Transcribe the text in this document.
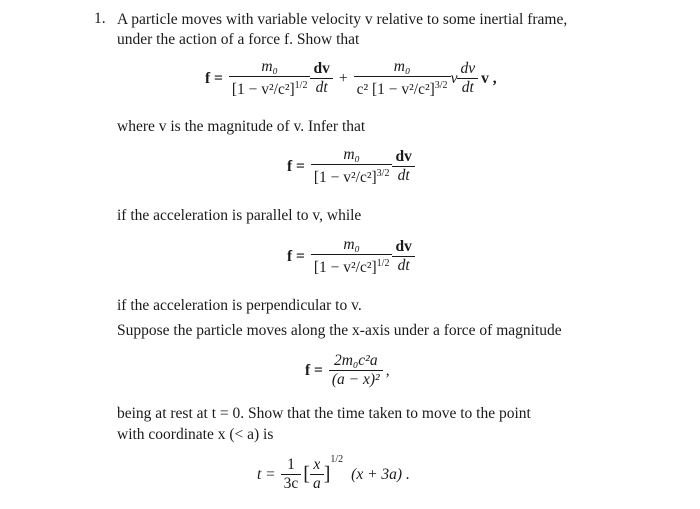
1. A particle moves with variable velocity v relative to some inertial frame,
under the action of a force f. Show that
$f = \frac{\text{m₀}}{[1 - v^2/c^2]^{1/2}} \frac{dv}{dt} + \frac{\text{m₀}}{c^2 [1 - v^2/c^2]^{3/2}}$ v $\frac{dv}{dt}$ v ,
where v is the magnitude of v. Infer that
$f = \frac{\text{m₀}}{[1 - v^2/c^2]^{3/2}} \frac{dv}{dt}$
if the acceleration is parallel to v, while
$f = \frac{\text{m₀}}{[1 - v^2/c^2]^{1/2}} \frac{dv}{dt}$
if the acceleration is perpendicular to v.
Suppose the particle moves along the x-axis under a force of magnitude
$f = \frac{\text{2m₀c²a}}{\text{(a − x)²}}$ ,
being at rest at t = 0. Show that the time taken to move to the point
with coordinate x (< a) is
$t = \frac{1}{3c}$ [ $\frac{x}{a}$ ]
$^{1/2}$
(x + 3a) .
